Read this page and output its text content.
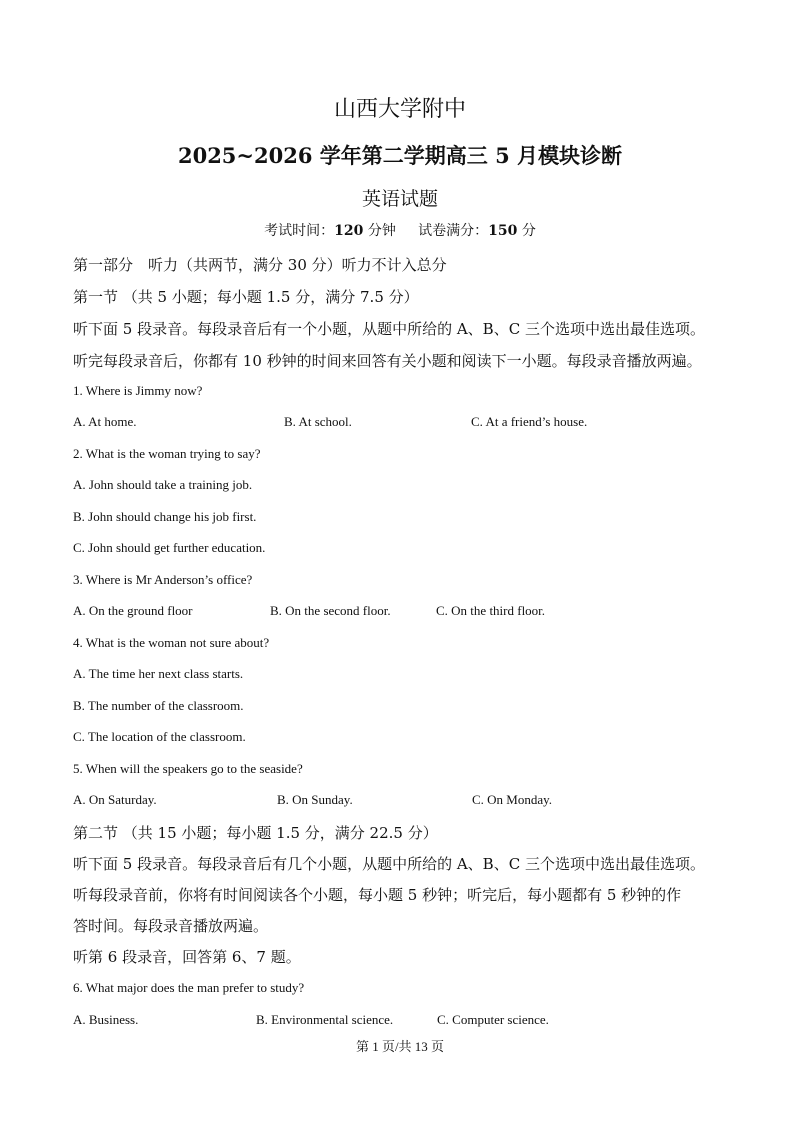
山西大学附中
2025~2026 学年第二学期高三 5 月模块诊断
英语试题
考试时间：120 分钟 试卷满分：150 分
第一部分　听力（共两节，满分 30 分）听力不计入总分
第一节 （共 5 小题；每小题 1.5 分，满分 7.5 分）
听下面 5 段录音。每段录音后有一个小题，从题中所给的 A、B、C 三个选项中选出最佳选项。
听完每段录音后，你都有 10 秒钟的时间来回答有关小题和阅读下一小题。每段录音播放两遍。
1. Where is Jimmy now?
A. At home.	B. At school.	C. At a friend’s house.
2. What is the woman trying to say?
A. John should take a training job.
B. John should change his job first.
C. John should get further education.
3. Where is Mr Anderson’s office?
A. On the ground floor	B. On the second floor.	C. On the third floor.
4. What is the woman not sure about?
A. The time her next class starts.
B. The number of the classroom.
C. The location of the classroom.
5. When will the speakers go to the seaside?
A. On Saturday.	B. On Sunday.	C. On Monday.
第二节 （共 15 小题；每小题 1.5 分，满分 22.5 分）
听下面 5 段录音。每段录音后有几个小题，从题中所给的 A、B、C 三个选项中选出最佳选项。
听每段录音前，你将有时间阅读各个小题，每小题 5 秒钟；听完后，每小题都有 5 秒钟的作
答时间。每段录音播放两遍。
听第 6 段录音，回答第 6、7 题。
6. What major does the man prefer to study?
A. Business.	B. Environmental science.	C. Computer science.
第 1 页/共 13 页
